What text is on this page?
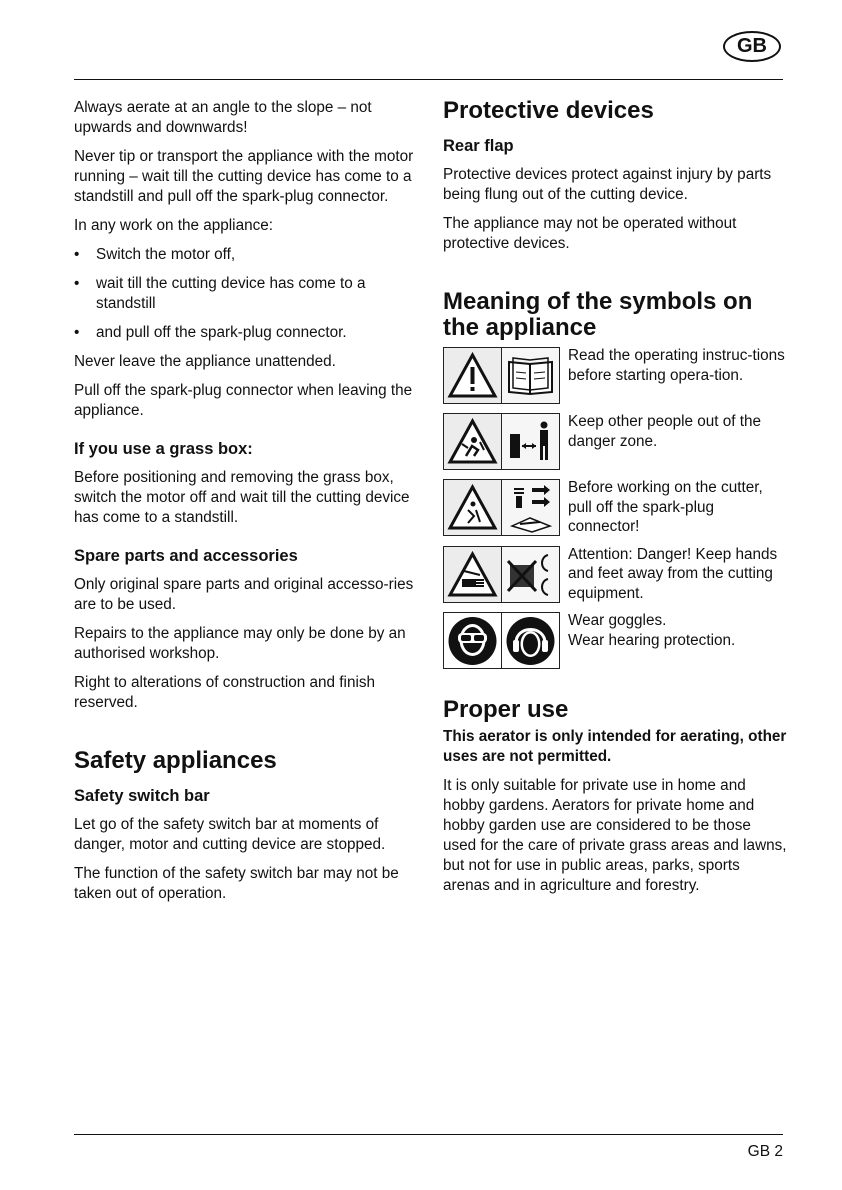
GB

Always aerate at an angle to the slope – not upwards and downwards!

Never tip or transport the appliance with the motor running – wait till the cutting device has come to a standstill and pull off the spark-plug connector.

In any work on the appliance:

• Switch the motor off,
• wait till the cutting device has come to a standstill
• and pull off the spark-plug connector.

Never leave the appliance unattended.

Pull off the spark-plug connector when leaving the appliance.

If you use a grass box:

Before positioning and removing the grass box, switch the motor off and wait till the cutting device has come to a standstill.

Spare parts and accessories

Only original spare parts and original accesso-ries are to be used.

Repairs to the appliance may only be done by an authorised workshop.

Right to alterations of construction and finish reserved.

Safety appliances
Safety switch bar

Let go of the safety switch bar at moments of danger, motor and cutting device are stopped.

The function of the safety switch bar may not be taken out of operation.

Protective devices
Rear flap

Protective devices protect against injury by parts being flung out of the cutting device.

The appliance may not be operated without protective devices.

Meaning of the symbols on the appliance
Read the operating instruc-tions before starting opera-tion.
Keep other people out of the danger zone.
Before working on the cutter, pull off the spark-plug connector!
Attention: Danger! Keep hands and feet away from the cutting equipment.
Wear goggles.
Wear hearing protection.
Proper use

This aerator is only intended for aerating, other uses are not permitted.

It is only suitable for private use in home and hobby gardens. Aerators for private home and hobby garden use are considered to be those used for the care of private grass areas and lawns, but not for use in public areas, parks, sports arenas and in agriculture and forestry.

GB 2
